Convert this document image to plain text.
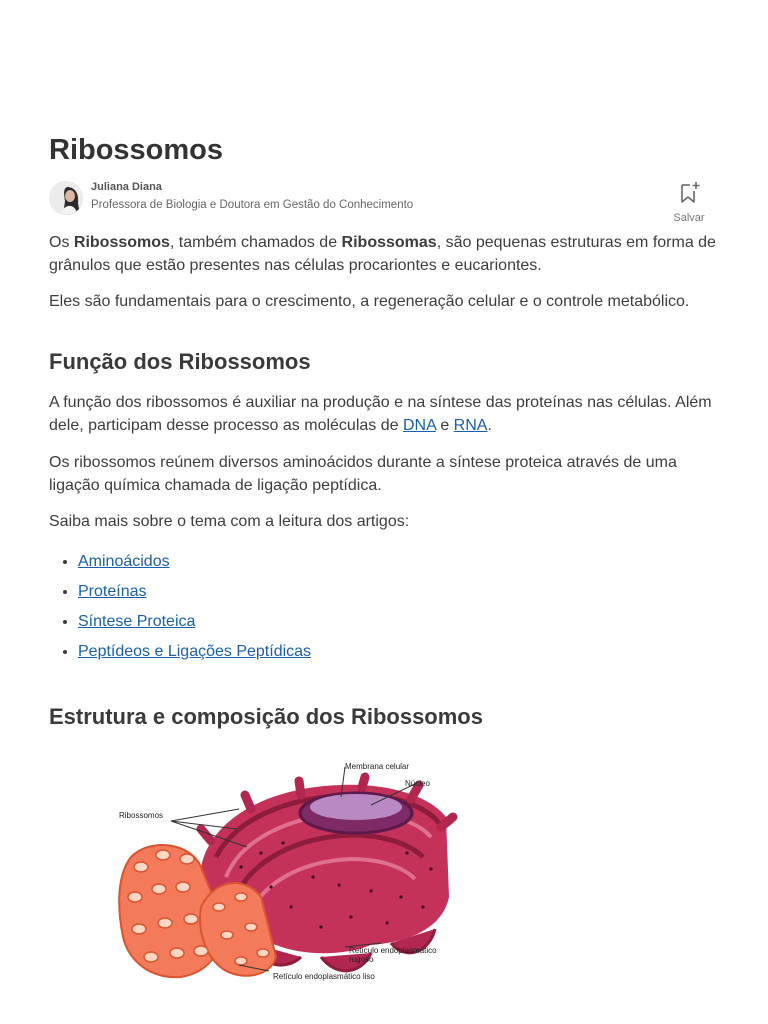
Ribossomos
Juliana Diana
Professora de Biologia e Doutora em Gestão do Conhecimento
Salvar

Os Ribossomos, também chamados de Ribossomas, são pequenas estruturas em forma de grânulos que estão presentes nas células procariontes e eucariontes.

Eles são fundamentais para o crescimento, a regeneração celular e o controle metabólico.

Função dos Ribossomos

A função dos ribossomos é auxiliar na produção e na síntese das proteínas nas células. Além dele, participam desse processo as moléculas de DNA e RNA.

Os ribossomos reúnem diversos aminoácidos durante a síntese proteica através de uma ligação química chamada de ligação peptídica.

Saiba mais sobre o tema com a leitura dos artigos:

• Aminoácidos
• Proteínas
• Síntese Proteica
• Peptídeos e Ligações Peptídicas
Estrutura e composição dos Ribossomos
Membrana celular
Núcleo
Ribossomos
Retículo endoplasmático
rugoso
Retículo endoplasmático liso
